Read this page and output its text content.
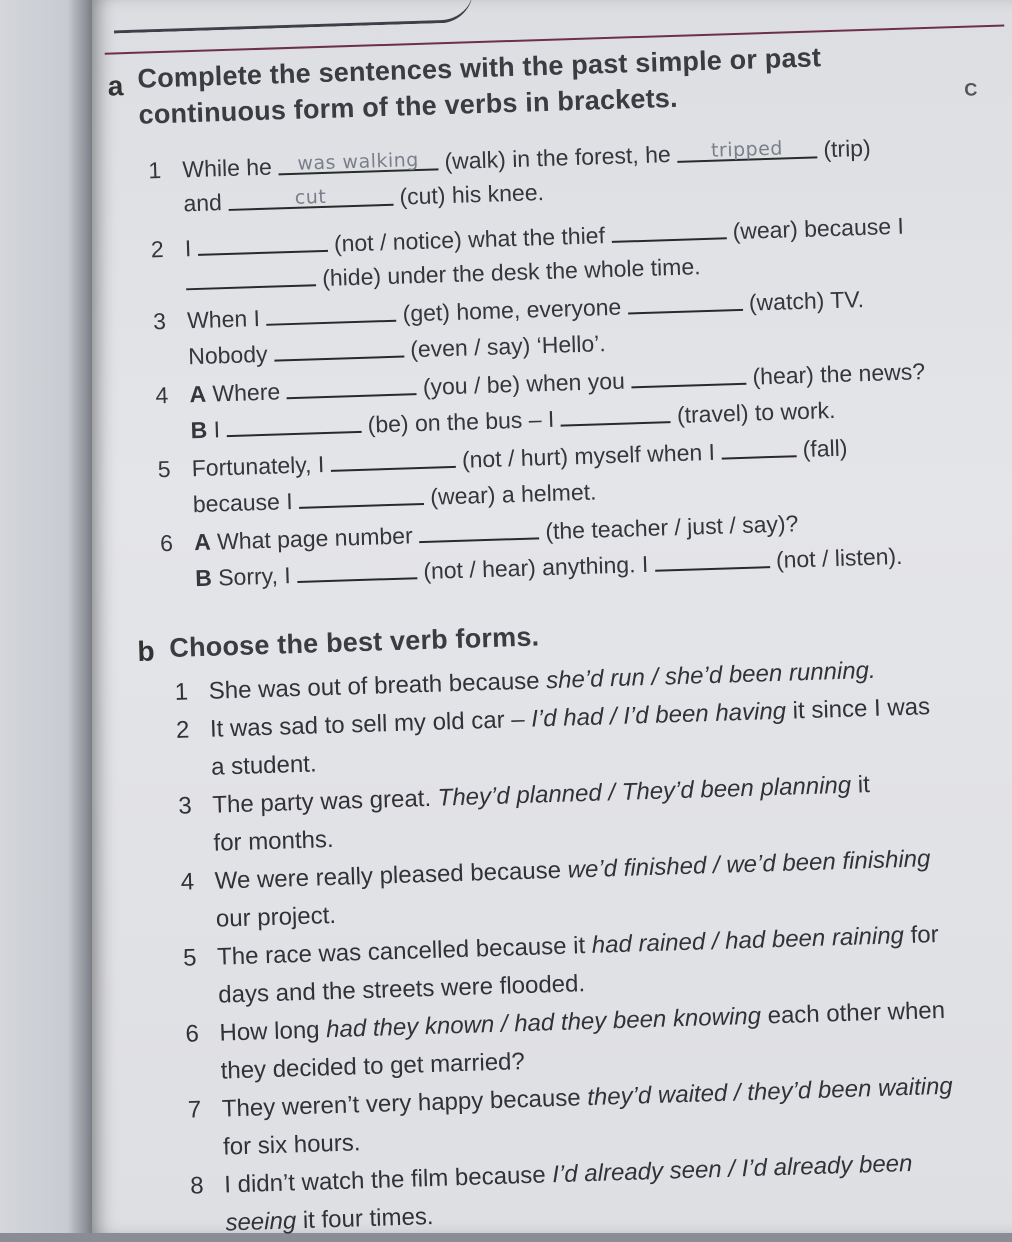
C
a Complete the sentences with the past simple or past
continuous form of the verbs in brackets.
1 While he was walking (walk) in the forest, he tripped (trip)
and	cut	(cut) his knee.
2 I	(not / notice) what the thief	(wear) because I
(hide) under the desk the whole time.
3 When I	(get) home, everyone	(watch) TV.
Nobody	(even / say) ‘Hello’.
4 A Where	(you / be) when you	(hear) the news?
B I	(be) on the bus – I	(travel) to work.
5 Fortunately, I	(not / hurt) myself when I	(fall)
because I	(wear) a helmet.
6 A What page number	(the teacher / just / say)?
B Sorry, I	(not / hear) anything. I	(not / listen).
b Choose the best verb forms.
1 She was out of breath because she’d run / she’d been running.
2 It was sad to sell my old car – I’d had / I’d been having it since I was
a student.
3 The party was great. They’d planned / They’d been planning it
for months.
4 We were really pleased because we’d finished / we’d been finishing
our project.
5 The race was cancelled because it had rained / had been raining for
days and the streets were flooded.
6 How long had they known / had they been knowing each other when
they decided to get married?
7 They weren’t very happy because they’d waited / they’d been waiting
for six hours.
8 I didn’t watch the film because I’d already seen / I’d already been
seeing it four times.
